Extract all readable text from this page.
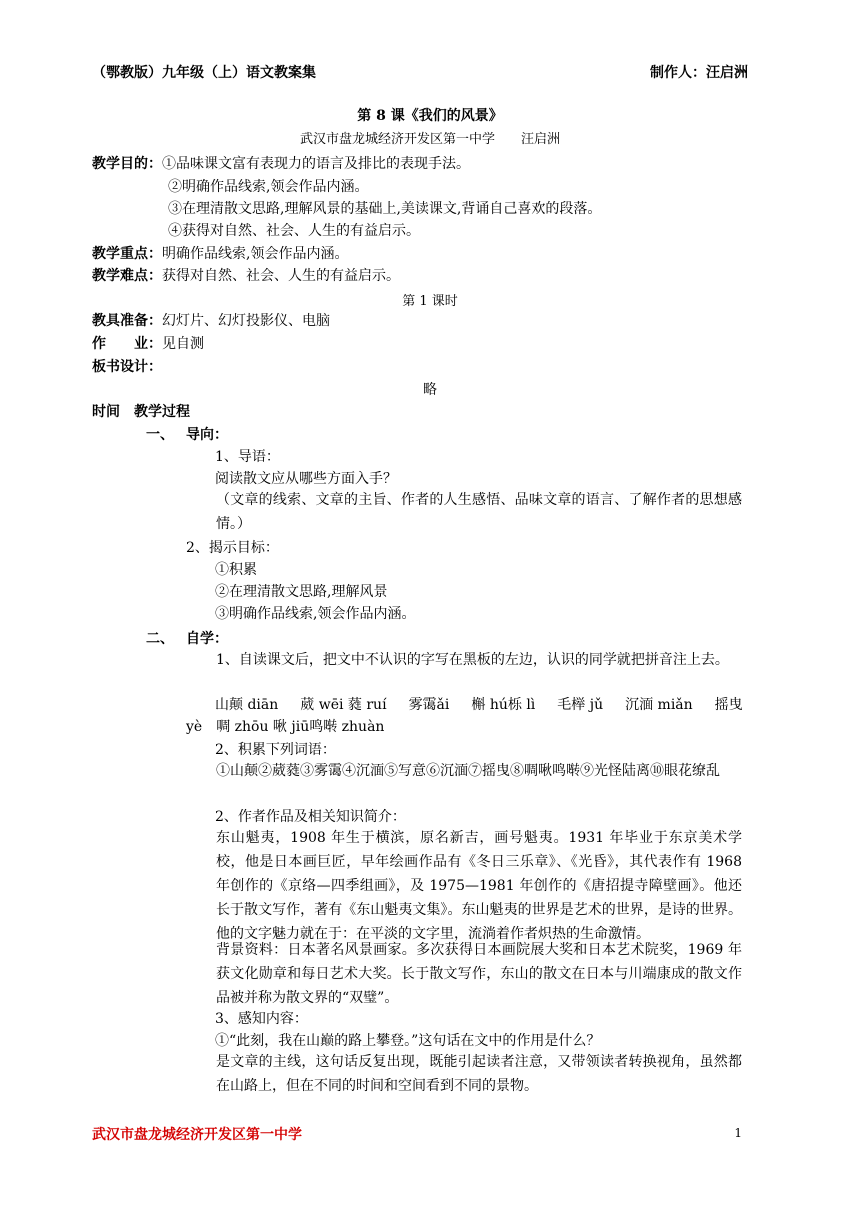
（鄂教版）九年级（上）语文教案集	制作人：汪启洲
第 8 课《我们的风景》
武汉市盘龙城经济开发区第一中学　　汪启洲
教学目的：①品味课文富有表现力的语言及排比的表现手法。
②明确作品线索,领会作品内涵。
③在理清散文思路,理解风景的基础上,美读课文,背诵自己喜欢的段落。
④获得对自然、社会、人生的有益启示。
教学重点：明确作品线索,领会作品内涵。
教学难点：获得对自然、社会、人生的有益启示。
第 1 课时
教具准备：幻灯片、幻灯投影仪、电脑
作　　业：见自测
板书设计：
略
时间　教学过程
一、 导向：
1、导语：
阅读散文应从哪些方面入手？
（文章的线索、文章的主旨、作者的人生感悟、品味文章的语言、了解作者的思想感情。）
2、揭示目标：
①积累
②在理清散文思路,理解风景
③明确作品线索,领会作品内涵。
二、 自学：
1、自读课文后，把文中不认识的字写在黑板的左边，认识的同学就把拼音注上去。
山颠 diān 葳 wēi 蕤 ruí 雾霭ǎi 槲 hú栎 lì 毛榉 jǔ 沉湎 miǎn 摇曳
yè　啁 zhōu 啾 jiū鸣啭 zhuàn
2、积累下列词语：
①山颠②葳蕤③雾霭④沉湎⑤写意⑥沉湎⑦摇曳⑧啁啾鸣啭⑨光怪陆离⑩眼花缭乱
2、作者作品及相关知识简介：
东山魁夷，1908 年生于横滨，原名新吉，画号魁夷。1931 年毕业于东京美术学校，他是日本画巨匠，早年绘画作品有《冬日三乐章》、《光昏》，其代表作有 1968 年创作的《京络—四季组画》，及 1975—1981 年创作的《唐招提寺障壁画》。他还长于散文写作，著有《东山魁夷文集》。东山魁夷的世界是艺术的世界，是诗的世界。他的文字魅力就在于：在平淡的文字里，流淌着作者炽热的生命激情。
背景资料：日本著名风景画家。多次获得日本画院展大奖和日本艺术院奖，1969 年获文化勋章和每日艺术大奖。长于散文写作，东山的散文在日本与川端康成的散文作品被并称为散文界的“双璧”。
3、感知内容：
①“此刻，我在山巅的路上攀登。”这句话在文中的作用是什么？
是文章的主线，这句话反复出现，既能引起读者注意，又带领读者转换视角，虽然都在山路上，但在不同的时间和空间看到不同的景物。
武汉市盘龙城经济开发区第一中学	1
